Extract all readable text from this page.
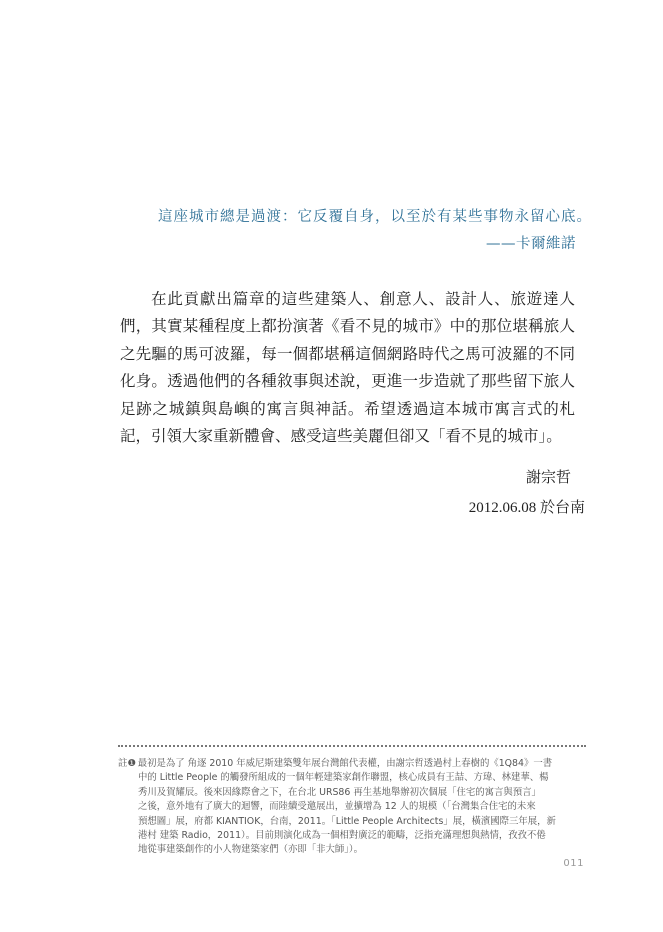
這座城市總是過渡：它反覆自身，以至於有某些事物永留心底。
——卡爾維諾

在此貢獻出篇章的這些建築人、創意人、設計人、旅遊達人們，其實某種程度上都扮演著《看不見的城市》中的那位堪稱旅人之先驅的馬可波羅，每一個都堪稱這個網路時代之馬可波羅的不同化身。透過他們的各種敘事與述說，更進一步造就了那些留下旅人足跡之城鎮與島嶼的寓言與神話。希望透過這本城市寓言式的札記，引領大家重新體會、感受這些美麗但卻又「看不見的城市」。

謝宗哲
2012.06.08 於台南
註❶ 最初是為了 角逐 2010 年威尼斯建築雙年展台灣館代表權，由謝宗哲透過村上春樹的《1Q84》一書
中的 Little People 的觸發所組成的一個年輕建築家創作聯盟，核心成員有王喆、方瑋、林建華、楊
秀川及賀耀辰。後來因緣際會之下，在台北 URS86 再生基地舉辦初次個展「住宅的寓言與預言」
之後，意外地有了廣大的迴響，而陸續受邀展出，並擴增為 12 人的規模（「台灣集合住宅的未來
預想圖」展，府都 KIANTIOK，台南，2011。「Little People Architects」展，橫濱國際三年展，新
港村 建築 Radio，2011）。目前則演化成為一個相對廣泛的範疇，泛指充滿理想與熱情，孜孜不倦
地從事建築創作的小人物建築家們（亦即「非大師」）。
011
